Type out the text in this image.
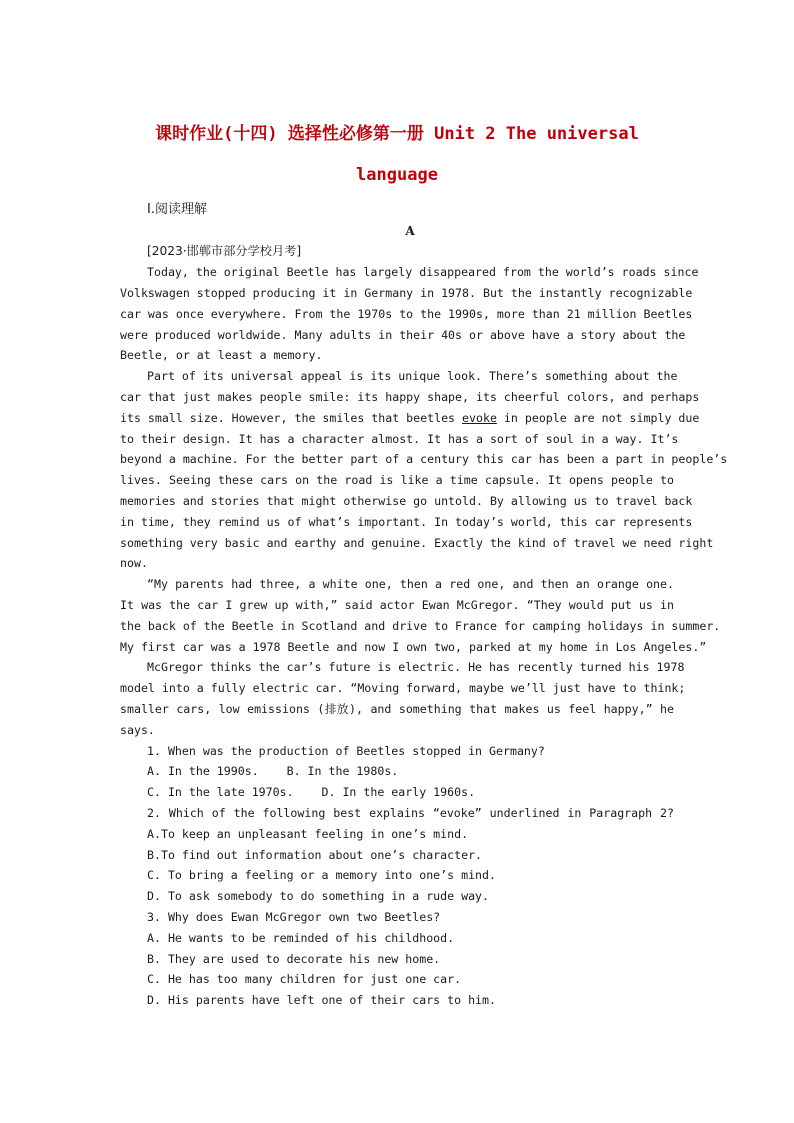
课时作业(十四) 选择性必修第一册 Unit 2 The universal
language
Ⅰ.阅读理解
A
[2023·邯郸市部分学校月考]
Today, the original Beetle has largely disappeared from the world’s roads since
Volkswagen stopped producing it in Germany in 1978. But the instantly recognizable
car was once everywhere. From the 1970s to the 1990s, more than 21 million Beetles
were produced worldwide. Many adults in their 40s or above have a story about the
Beetle, or at least a memory.
Part of its universal appeal is its unique look. There’s something about the
car that just makes people smile: its happy shape, its cheerful colors, and perhaps
its small size. However, the smiles that beetles evoke in people are not simply due
to their design. It has a character almost. It has a sort of soul in a way. It’s
beyond a machine. For the better part of a century this car has been a part in people’s
lives. Seeing these cars on the road is like a time capsule. It opens people to
memories and stories that might otherwise go untold. By allowing us to travel back
in time, they remind us of what’s important. In today’s world, this car represents
something very basic and earthy and genuine. Exactly the kind of travel we need right
now.
“My parents had three, a white one, then a red one, and then an orange one.
It was the car I grew up with,” said actor Ewan McGregor. “They would put us in
the back of the Beetle in Scotland and drive to France for camping holidays in summer.
My first car was a 1978 Beetle and now I own two, parked at my home in Los Angeles.”
McGregor thinks the car’s future is electric. He has recently turned his 1978
model into a fully electric car. “Moving forward, maybe we’ll just have to think;
smaller cars, low emissions (排放), and something that makes us feel happy,” he
says.
1. When was the production of Beetles stopped in Germany?
A. In the 1990s.    B. In the 1980s.
C. In the late 1970s.    D. In the early 1960s.
2. Which of the following best explains “evoke” underlined in Paragraph 2?
A.To keep an unpleasant feeling in one’s mind.
B.To find out information about one’s character.
C. To bring a feeling or a memory into one’s mind.
D. To ask somebody to do something in a rude way.
3. Why does Ewan McGregor own two Beetles?
A. He wants to be reminded of his childhood.
B. They are used to decorate his new home.
C. He has too many children for just one car.
D. His parents have left one of their cars to him.
